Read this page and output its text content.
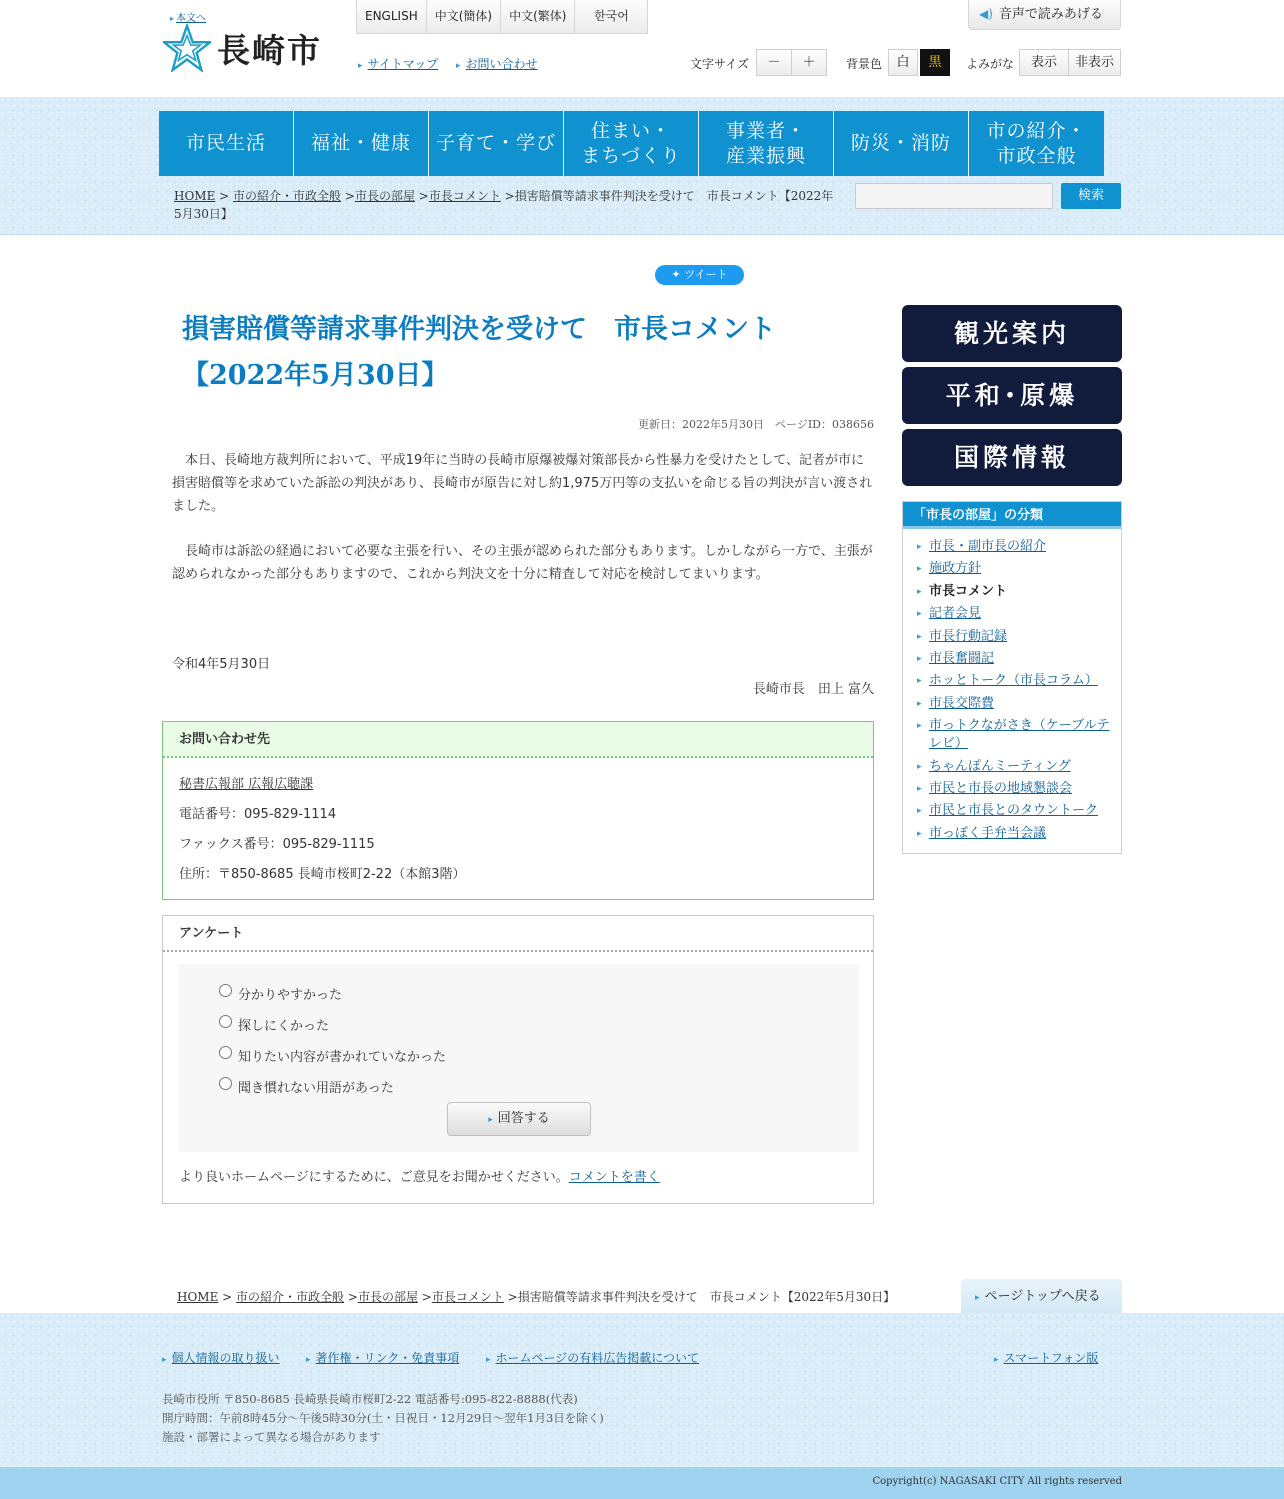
▸ 本文へ
長崎市
ENGLISH	中文(簡体)	中文(繁体)	한국어
▸ サイトマップ	▸ お問い合わせ
◀) 音声で読みあげる
文字サイズ	－	＋	背景色	白	黒	よみがな	表示	非表示
市民生活	福祉・健康	子育て・学び
住まい・
まちづくり
事業者・
産業振興
防災・消防
市の紹介・
市政全般
HOME > 市の紹介・市政全般 >市長の部屋 >市長コメント >損害賠償等請求事件判決を受けて　市長コメント【2022年5月30日】
検索
✦ ツイート
損害賠償等請求事件判決を受けて　市長コメント【2022年5月30日】
更新日：2022年5月30日　ページID：038656

　本日、長崎地方裁判所において、平成19年に当時の長崎市原爆被爆対策部長から性暴力を受けたとして、記者が市に損害賠償等を求めていた訴訟の判決があり、長崎市が原告に対し約1,975万円等の支払いを命じる旨の判決が言い渡されました。

　長崎市は訴訟の経過において必要な主張を行い、その主張が認められた部分もあります。しかしながら一方で、主張が認められなかった部分もありますので、これから判決文を十分に精査して対応を検討してまいります。

令和4年5月30日

長崎市長　田上 富久
お問い合わせ先
秘書広報部 広報広聴課
電話番号：095-829-1114
ファックス番号：095-829-1115
住所：〒850-8685 長崎市桜町2-22（本館3階）
アンケート
分かりやすかった
探しにくかった
知りたい内容が書かれていなかった
聞き慣れない用語があった
▸ 回答する
より良いホームページにするために、ご意見をお聞かせください。コメントを書く
観光案内
平和･原爆
国際情報
「市長の部屋」の分類
▸ 市長・副市長の紹介
▸ 施政方針
▸ 市長コメント
▸ 記者会見
▸ 市長行動記録
▸ 市長奮闘記
▸ ホッとトーク（市長コラム）
▸ 市長交際費
▸ 市っトクながさき（ケーブルテレビ）
▸ ちゃんぽんミーティング
▸ 市民と市長の地域懇談会
▸ 市民と市長とのタウントーク
▸ 市っぽく手弁当会議
HOME > 市の紹介・市政全般 >市長の部屋 >市長コメント >損害賠償等請求事件判決を受けて　市長コメント【2022年5月30日】	▸ ページトップへ戻る
▸ 個人情報の取り扱い	▸ 著作権・リンク・免責事項	▸ ホームページの有料広告掲載について	▸ スマートフォン版
長崎市役所 〒850-8685 長崎県長崎市桜町2-22 電話番号:095-822-8888(代表)
開庁時間：午前8時45分～午後5時30分(土・日祝日・12月29日～翌年1月3日を除く)
施設・部署によって異なる場合があります
Copyright(c) NAGASAKI CITY All rights reserved
